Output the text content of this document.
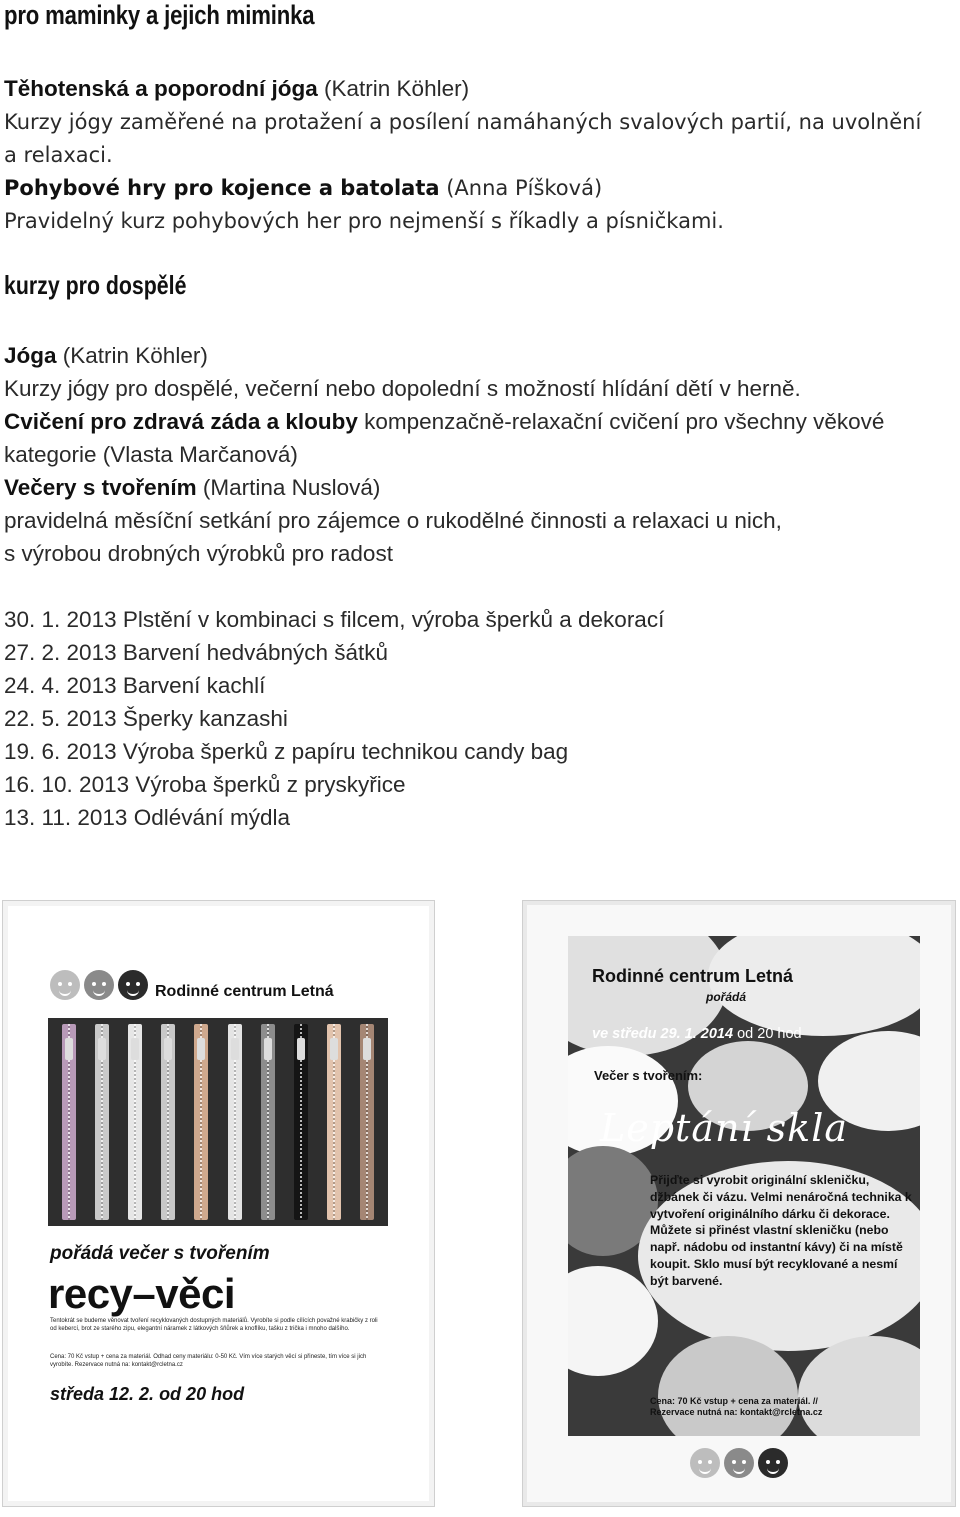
pro maminky a jejich miminka
Těhotenská a poporodní jóga (Katrin Köhler)
Kurzy jógy zaměřené na protažení a posílení namáhaných svalových partií, na uvolnění
a relaxaci.
Pohybové hry pro kojence a batolata (Anna Píšková)
Pravidelný kurz pohybových her pro nejmenší s říkadly a písničkami.
kurzy pro dospělé
Jóga (Katrin Köhler)
Kurzy jógy pro dospělé, večerní nebo dopolední s možností hlídání dětí v herně.
Cvičení pro zdravá záda a klouby kompenzačně-relaxační cvičení pro všechny věkové
kategorie (Vlasta Marčanová)
Večery s tvořením (Martina Nuslová)
pravidelná měsíční setkání pro zájemce o rukodělné činnosti a relaxaci u nich,
s výrobou drobných výrobků pro radost
30. 1. 2013 Plstění v kombinaci s filcem, výroba šperků a dekorací
27. 2. 2013 Barvení hedvábných šátků
24. 4. 2013 Barvení kachlí
22. 5. 2013 Šperky kanzashi
19. 6. 2013 Výroba šperků z papíru technikou candy bag
16. 10. 2013 Výroba šperků z pryskyřice
13. 11. 2013 Odlévání mýdla
Rodinné centrum Letná
pořádá večer s tvořením
recy–věci
Tentokrát se budeme věnovat tvoření recyklovaných dostupných materiálů. Vyrobíte si podle cílících považné krabičky z roli od kebercí, brot ze starého zipu, elegantní náramek z látkových šňůrek a knoflíku, tašku z trička i mnoho dalšího.
Cena: 70 Kč vstup + cena za materiál. Odhad ceny materiálu: 0-50 Kč. Vím více starých věcí si přineste, tím více si jich vyrobíte. Rezervace nutná na: kontakt@rcletna.cz
středa 12. 2. od 20 hod
Rodinné centrum Letná
pořádá
ve středu 29. 1. 2014 od 20 hod
Večer s tvořením:
Leptání skla
Přijďte si vyrobit originální skleničku, džbánek či vázu. Velmi nenáročná technika k vytvoření originálního dárku či dekorace. Můžete si přinést vlastní skleničku (nebo např. nádobu od instantní kávy) či na místě koupit. Sklo musí být recyklované a nesmí být barvené.
Cena: 70 Kč vstup + cena za materiál. //
Rezervace nutná na: kontakt@rcletna.cz
